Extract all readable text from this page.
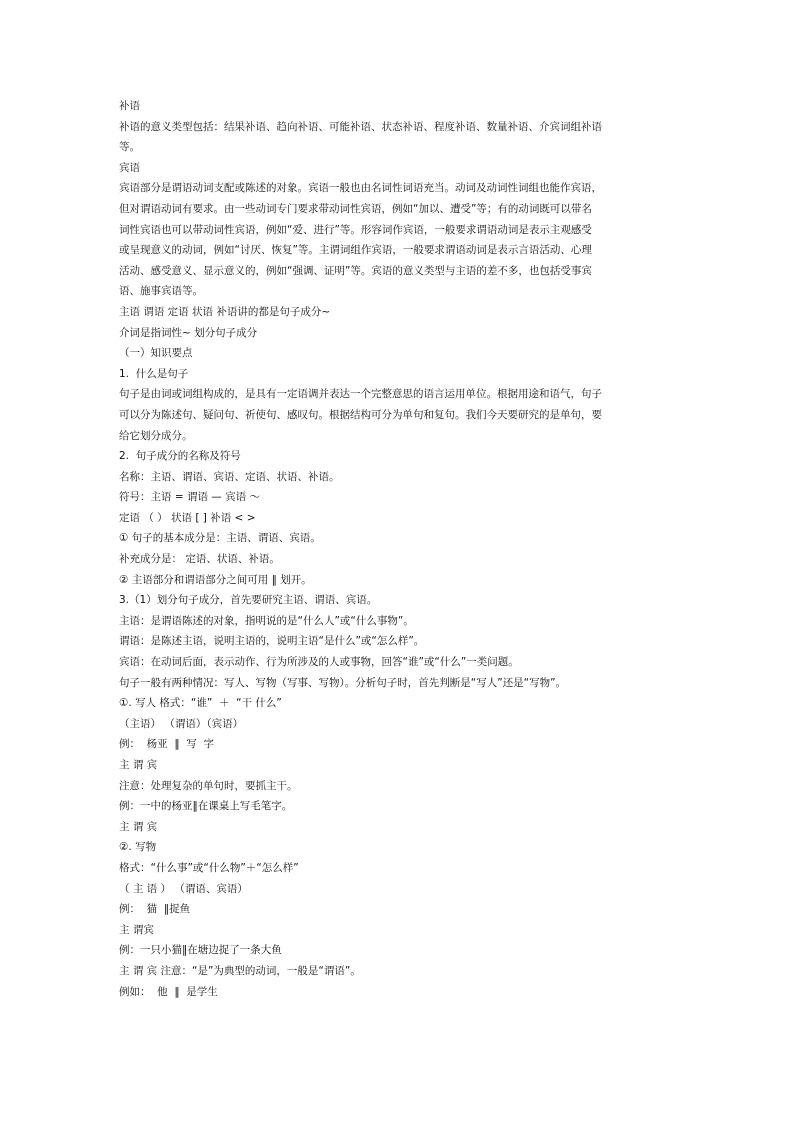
补语
补语的意义类型包括：结果补语、趋向补语、可能补语、状态补语、程度补语、数量补语、介宾词组补语
等。
宾语
宾语部分是谓语动词支配或陈述的对象。宾语一般也由名词性词语充当。动词及动词性词组也能作宾语，
但对谓语动词有要求。由一些动词专门要求带动词性宾语，例如“加以、遭受”等；有的动词既可以带名
词性宾语也可以带动词性宾语，例如“爱、进行”等。形容词作宾语，一般要求谓语动词是表示主观感受
或呈现意义的动词，例如“讨厌、恢复”等。主谓词组作宾语，一般要求谓语动词是表示言语活动、心理
活动、感受意义、显示意义的，例如“强调、证明”等。宾语的意义类型与主语的差不多，也包括受事宾
语、施事宾语等。
主语 谓语 定语 状语 补语讲的都是句子成分~
介词是指词性~ 划分句子成分
（一）知识要点
1.  什么是句子
句子是由词或词组构成的，是具有一定语调并表达一个完整意思的语言运用单位。根据用途和语气，句子
可以分为陈述句、疑问句、祈使句、感叹句。根据结构可分为单句和复句。我们今天要研究的是单句，要
给它划分成分。
2.  句子成分的名称及符号
名称：主语、谓语、宾语、定语、状语、补语。
符号：主语 = 谓语 — 宾语 ～
定语 （ ） 状语 [ ] 补语 < >
① 句子的基本成分是：主语、谓语、宾语。
补充成分是： 定语、状语、补语。
② 主语部分和谓语部分之间可用 ‖ 划开。
3.（1）划分句子成分，首先要研究主语、谓语、宾语。
主语：是谓语陈述的对象，指明说的是“什么人”或“什么事物”。
谓语：是陈述主语，说明主语的，说明主语“是什么”或“怎么样”。
宾语：在动词后面，表示动作、行为所涉及的人或事物，回答“谁”或“什么”一类问题。
句子一般有两种情况：写人、写物（写事、写物）。分析句子时，首先判断是“写人”还是“写物”。
①. 写人 格式：“谁”  ＋  “干 什么”
（主语） （谓语）（宾语）
例：  杨亚  ‖  写  字
主 谓 宾
注意：处理复杂的单句时，要抓主干。
例：一中的杨亚‖在课桌上写毛笔字。
主 谓 宾
②. 写物
格式：“什么事”或“什么物”＋“怎么样”
（ 主 语 ） （谓语、宾语）
例：  猫  ‖捉鱼
主 谓宾
例：一只小猫‖在塘边捉了一条大鱼
主 谓 宾 注意：“是”为典型的动词，一般是“谓语”。
例如：  他  ‖  是学生
